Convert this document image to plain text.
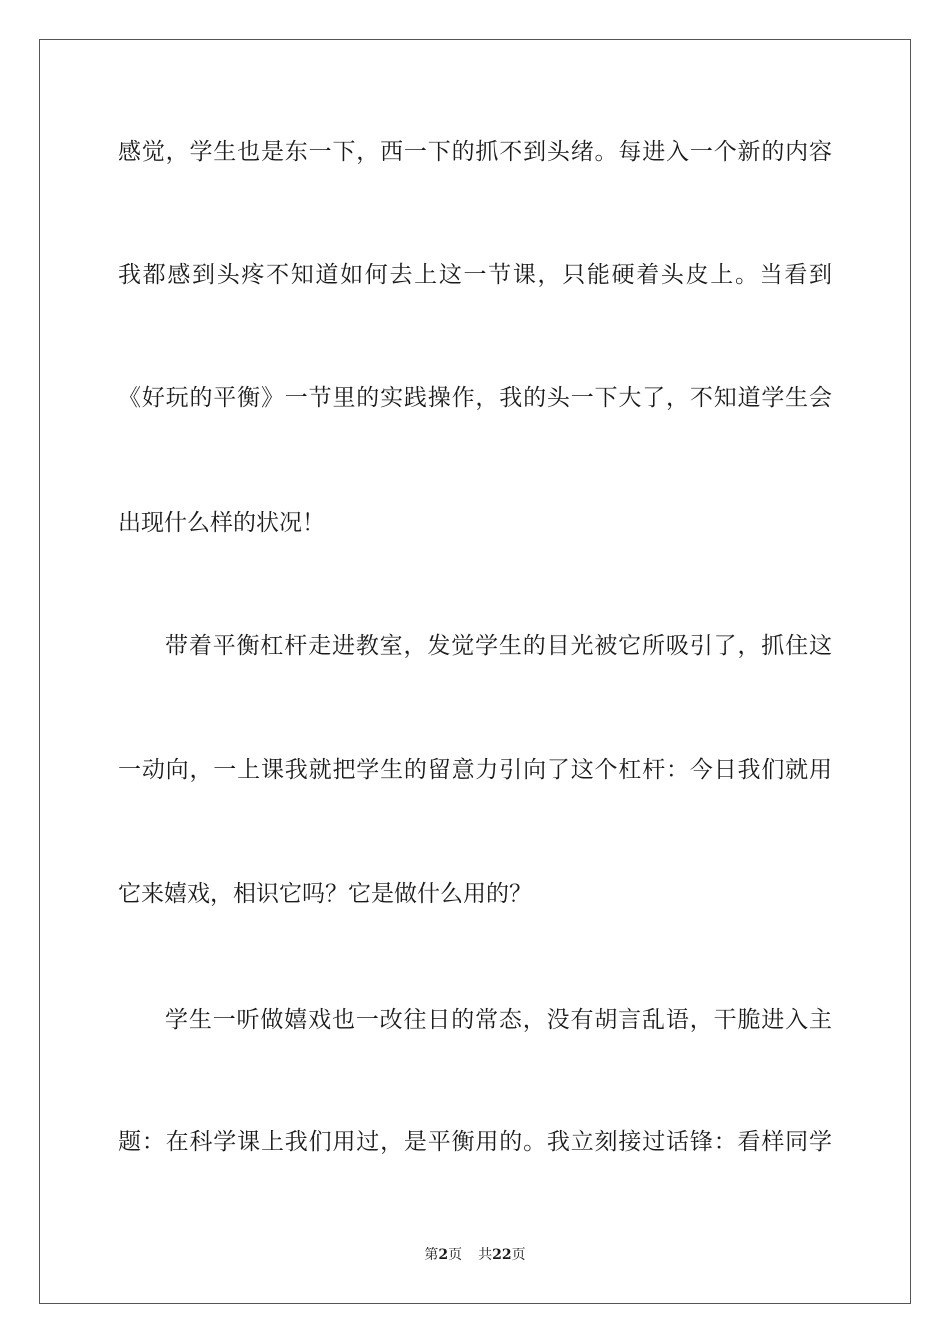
感觉，学生也是东一下，西一下的抓不到头绪。每进入一个新的内容
我都感到头疼不知道如何去上这一节课，只能硬着头皮上。当看到
《好玩的平衡》一节里的实践操作，我的头一下大了，不知道学生会
出现什么样的状况！
带着平衡杠杆走进教室，发觉学生的目光被它所吸引了，抓住这
一动向，一上课我就把学生的留意力引向了这个杠杆：今日我们就用
它来嬉戏，相识它吗？它是做什么用的？
学生一听做嬉戏也一改往日的常态，没有胡言乱语，干脆进入主
题：在科学课上我们用过，是平衡用的。我立刻接过话锋：看样同学
第2页 共22页
